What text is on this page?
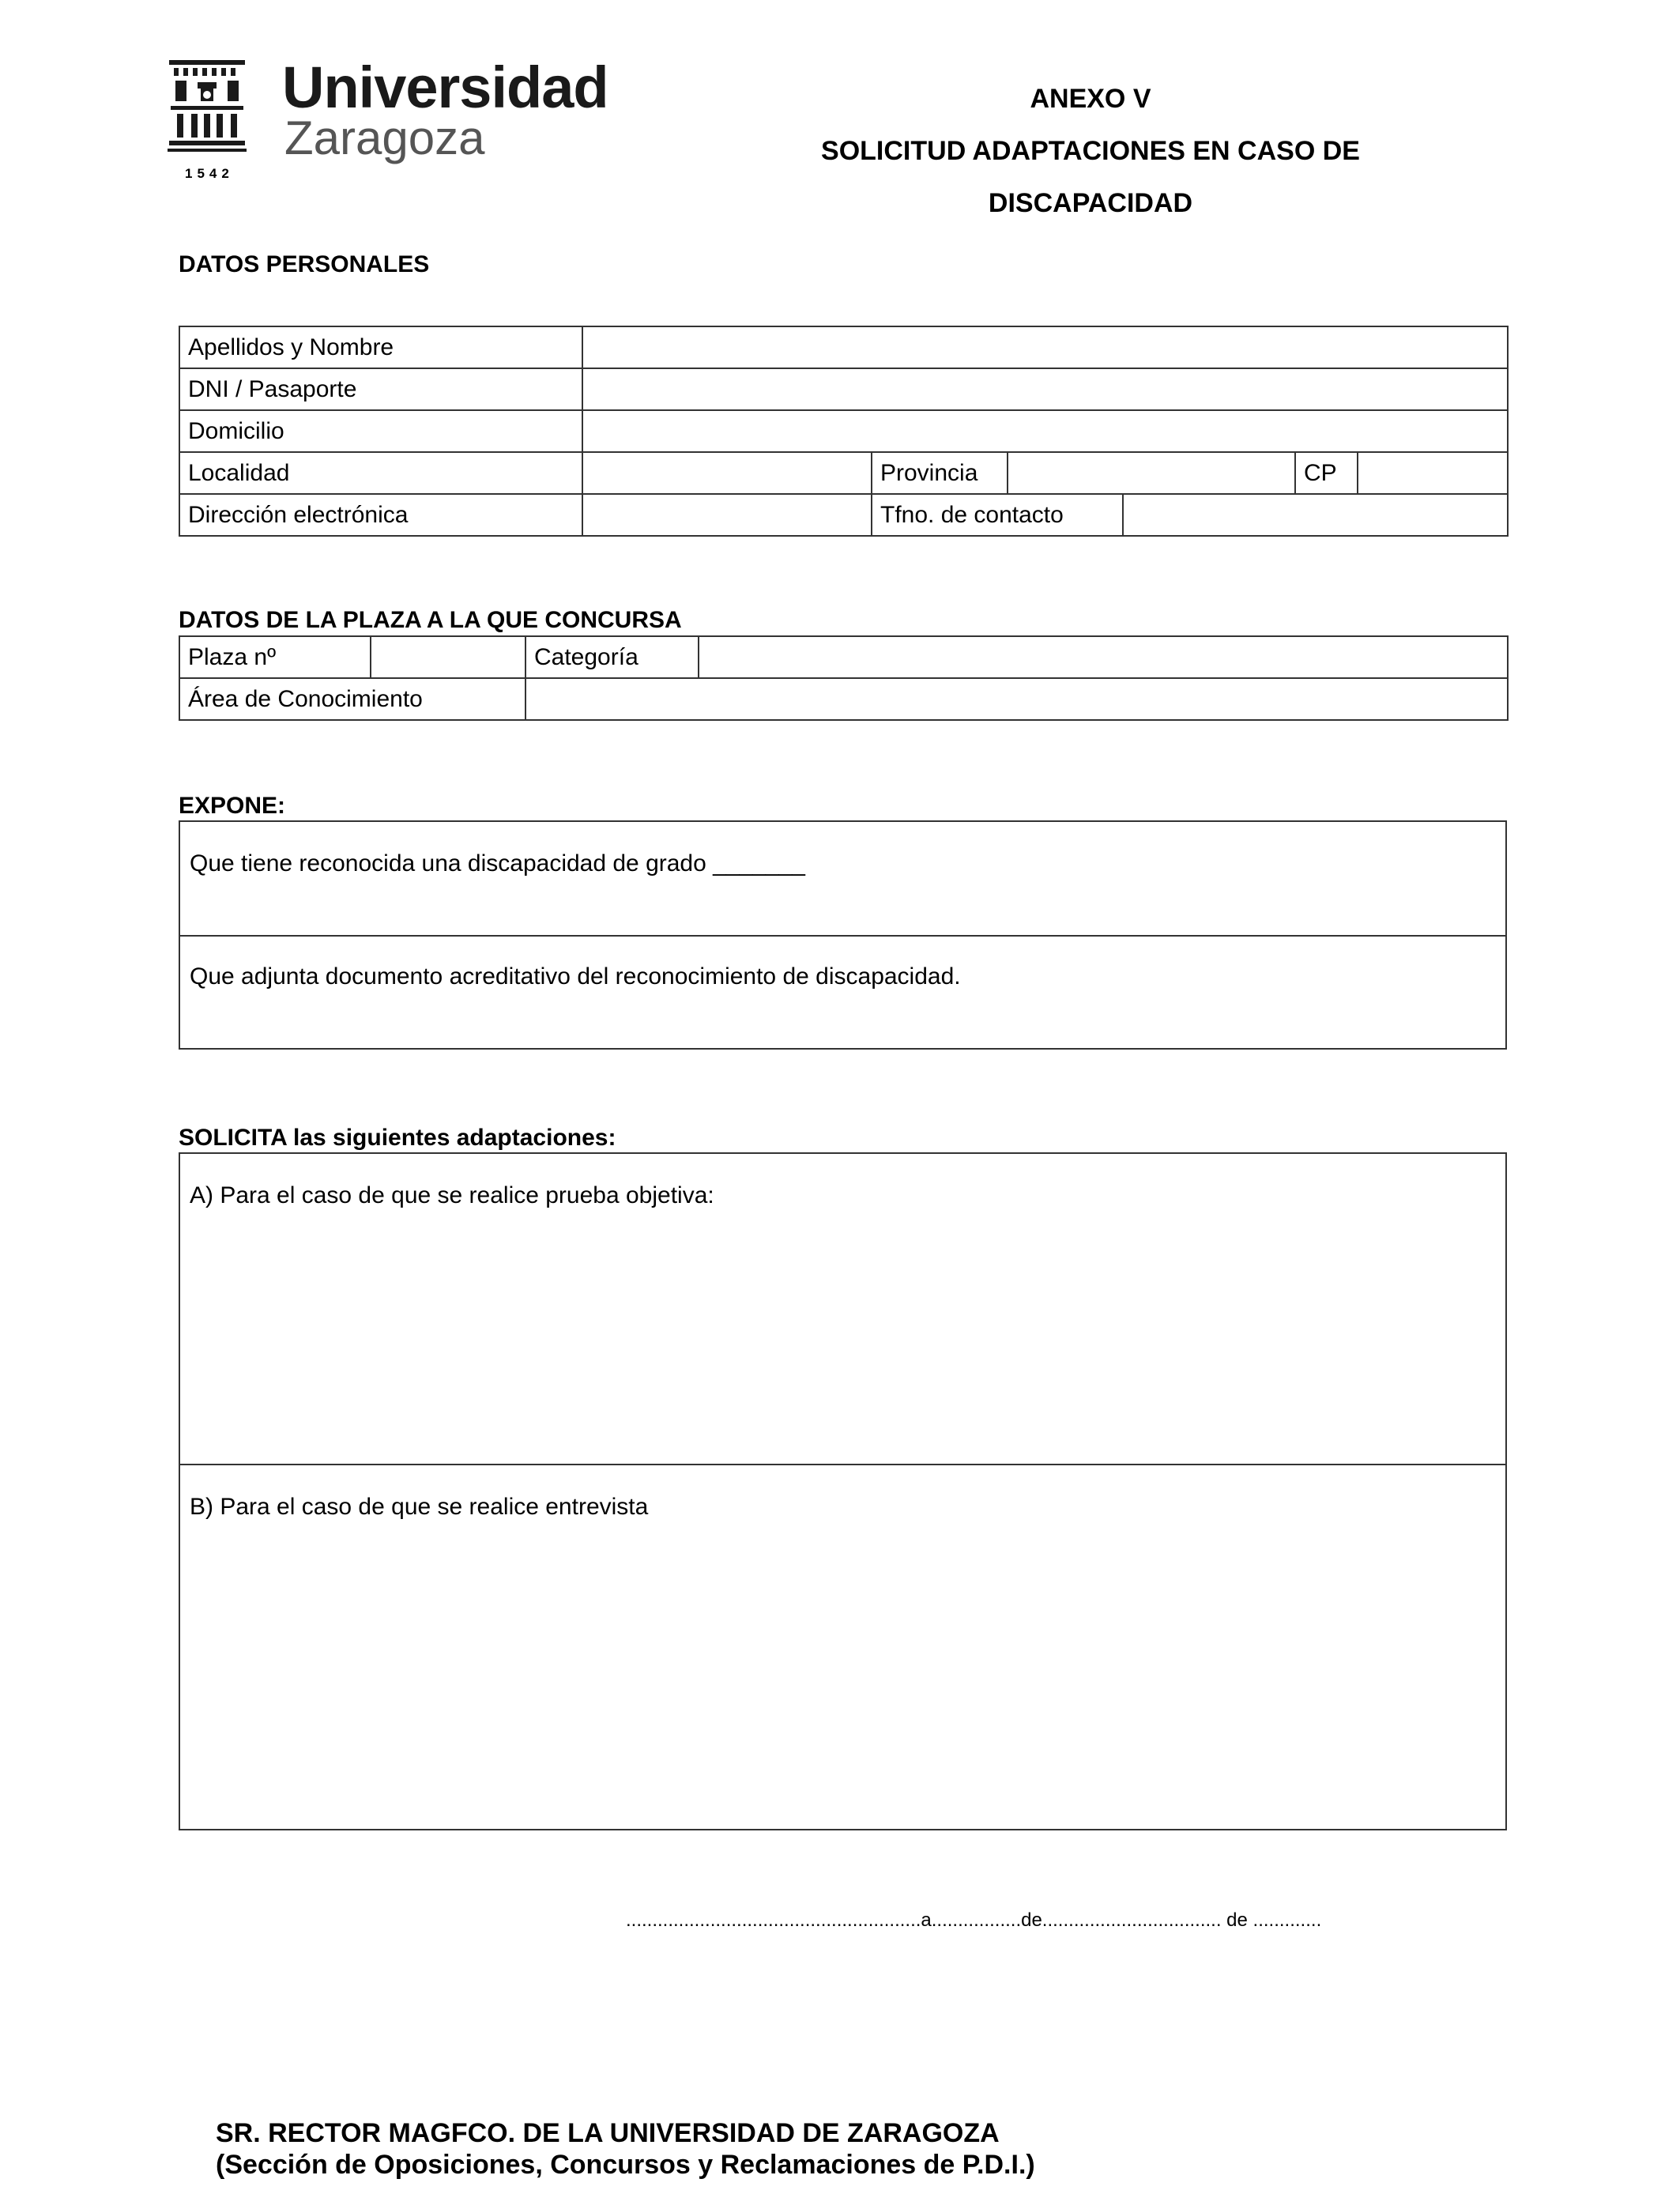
Universidad
Zaragoza
1542
ANEXO V
SOLICITUD ADAPTACIONES EN CASO DE
DISCAPACIDAD
DATOS PERSONALES
Apellidos y Nombre						
DNI / Pasaporte						
Domicilio						
Localidad		Provincia			CP	
Dirección electrónica		Tfno. de contacto				
DATOS DE LA PLAZA A LA QUE CONCURSA
Plaza nº		Categoría	
Área de Conocimiento			
EXPONE:
Que tiene reconocida una discapacidad de grado _______
Que adjunta documento acreditativo del reconocimiento de discapacidad.
SOLICITA las siguientes adaptaciones:
A) Para el caso de que se realice prueba objetiva:
B) Para el caso de que se realice entrevista
........................................................a.................de.................................. de .............
SR. RECTOR MAGFCO. DE LA UNIVERSIDAD DE ZARAGOZA
(Sección de Oposiciones, Concursos y Reclamaciones de P.D.I.)
